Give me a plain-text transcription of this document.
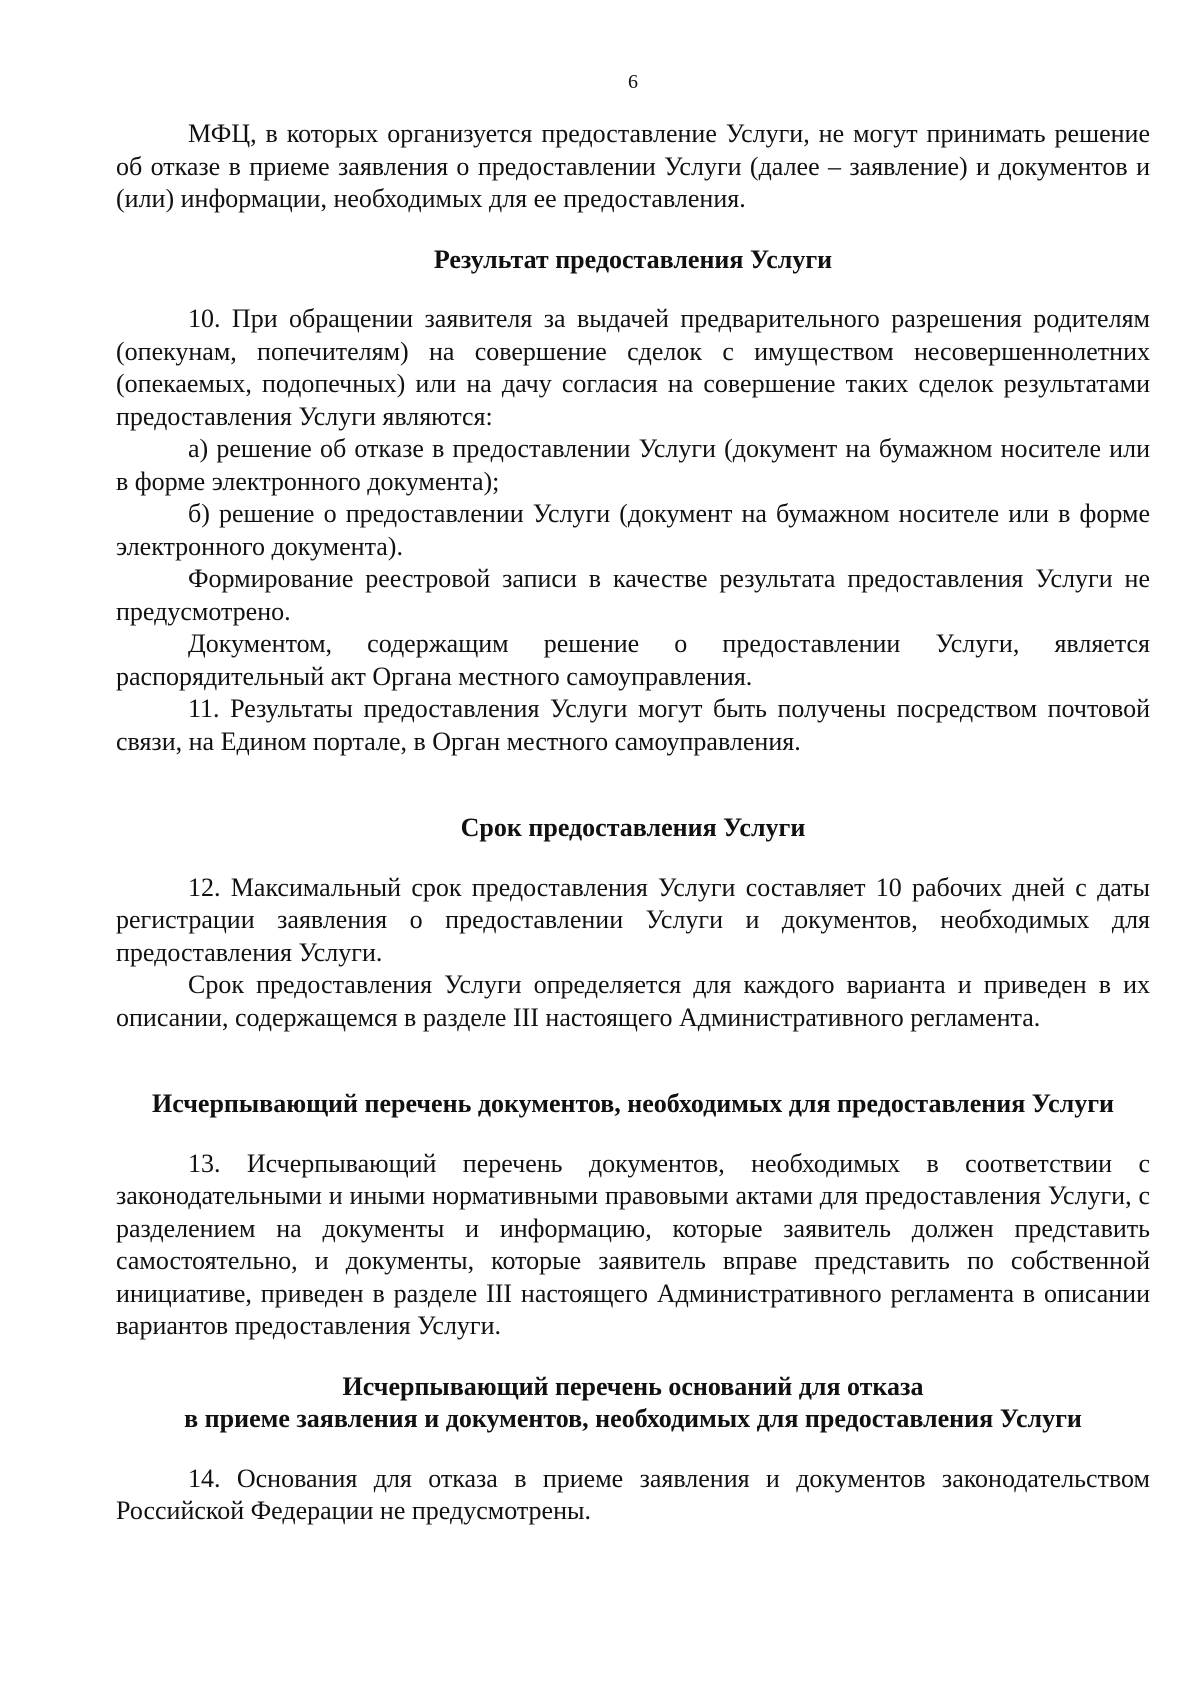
6

МФЦ, в которых организуется предоставление Услуги, не могут принимать решение об отказе в приеме заявления о предоставлении Услуги (далее – заявление) и документов и (или) информации, необходимых для ее предоставления.

Результат предоставления Услуги

10. При обращении заявителя за выдачей предварительного разрешения родителям (опекунам, попечителям) на совершение сделок с имуществом несовершеннолетних (опекаемых, подопечных) или на дачу согласия на совершение таких сделок результатами предоставления Услуги являются:

а) решение об отказе в предоставлении Услуги (документ на бумажном носителе или в форме электронного документа);

б) решение о предоставлении Услуги (документ на бумажном носителе или в форме электронного документа).

Формирование реестровой записи в качестве результата предоставления Услуги не предусмотрено.

Документом, содержащим решение о предоставлении Услуги, является распорядительный акт Органа местного самоуправления.

11. Результаты предоставления Услуги могут быть получены посредством почтовой связи, на Едином портале, в Орган местного самоуправления.

Срок предоставления Услуги

12. Максимальный срок предоставления Услуги составляет 10 рабочих дней с даты регистрации заявления о предоставлении Услуги и документов, необходимых для предоставления Услуги.

Срок предоставления Услуги определяется для каждого варианта и приведен в их описании, содержащемся в разделе III настоящего Административного регламента.

Исчерпывающий перечень документов, необходимых для предоставления Услуги

13. Исчерпывающий перечень документов, необходимых в соответствии с законодательными и иными нормативными правовыми актами для предоставления Услуги, с разделением на документы и информацию, которые заявитель должен представить самостоятельно, и документы, которые заявитель вправе представить по собственной инициативе, приведен в разделе III настоящего Административного регламента в описании вариантов предоставления Услуги.

Исчерпывающий перечень оснований для отказа
в приеме заявления и документов, необходимых для предоставления Услуги

14. Основания для отказа в приеме заявления и документов законодательством Российской Федерации не предусмотрены.
